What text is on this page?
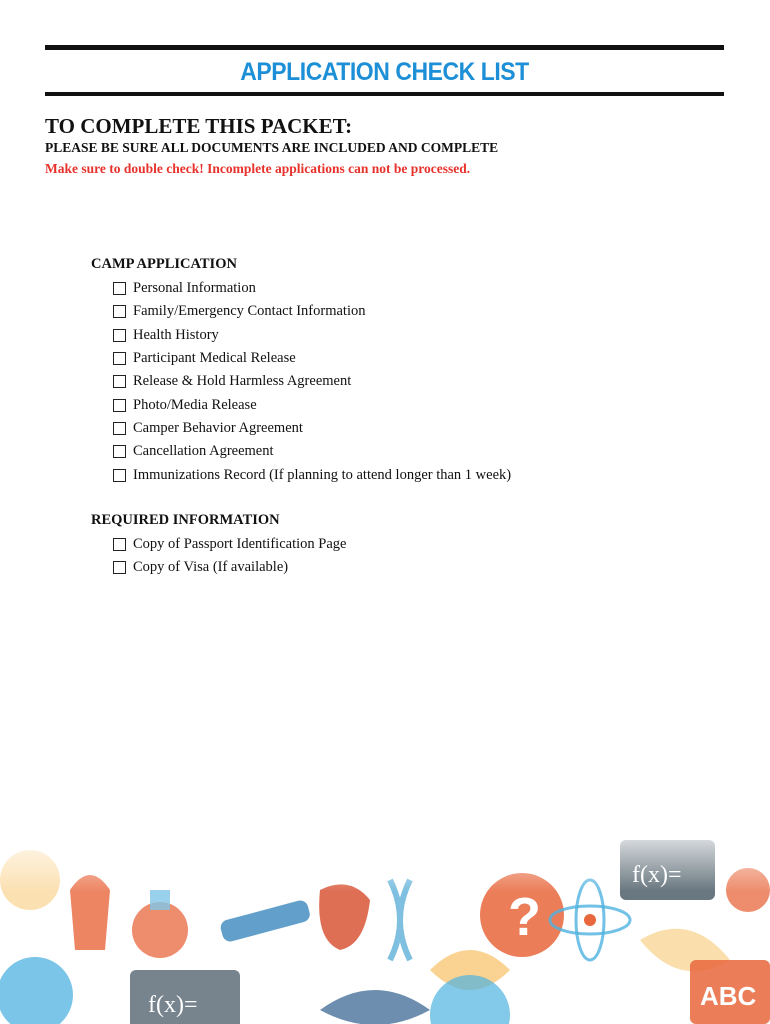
APPLICATION CHECK LIST
TO COMPLETE THIS PACKET:
PLEASE BE SURE ALL DOCUMENTS ARE INCLUDED AND COMPLETE
Make sure to double check! Incomplete applications can not be processed.
CAMP APPLICATION
Personal Information
Family/Emergency Contact Information
Health History
Participant Medical Release
Release & Hold Harmless Agreement
Photo/Media Release
Camper Behavior Agreement
Cancellation Agreement
Immunizations Record (If planning to attend longer than 1 week)
REQUIRED INFORMATION
Copy of Passport Identification Page
Copy of Visa (If available)
